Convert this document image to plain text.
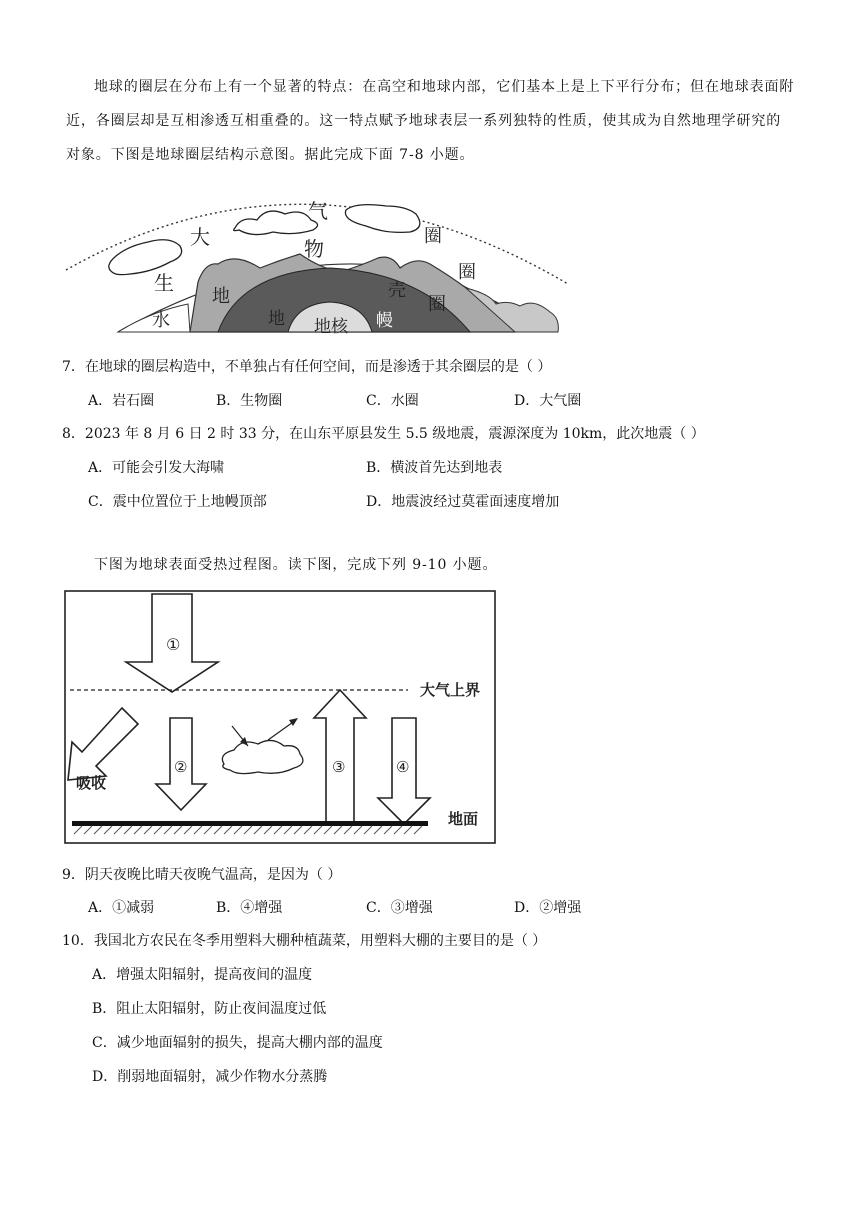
地球的圈层在分布上有一个显著的特点：在高空和地球内部，它们基本上是上下平行分布；但在地球表面附近，各圈层却是互相渗透互相重叠的。这一特点赋予地球表层一系列独特的性质，使其成为自然地理学研究的对象。下图是地球圈层结构示意图。据此完成下面 7-8 小题。

大
气
物
圈
圈
生
地	壳
圈
水	地 地核 幔
7．在地球的圈层构造中，不单独占有任何空间，而是渗透于其余圈层的是（ ）
A．岩石圈	B．生物圈	C．水圈	D．大气圈
8．2023 年 8 月 6 日 2 时 33 分，在山东平原县发生 5.5 级地震，震源深度为 10km，此次地震（ ）
A．可能会引发大海啸	B．横波首先达到地表
C．震中位置位于上地幔顶部	D．地震波经过莫霍面速度增加
下图为地球表面受热过程图。读下图，完成下列 9-10 小题。
①
大气上界
吸收
②	③	④
地面
9．阴天夜晚比晴天夜晚气温高，是因为（ ）
A．①减弱	B．④增强	C．③增强	D．②增强
10．我国北方农民在冬季用塑料大棚种植蔬菜，用塑料大棚的主要目的是（ ）
A．增强太阳辐射，提高夜间的温度
B．阻止太阳辐射，防止夜间温度过低
C．减少地面辐射的损失，提高大棚内部的温度
D．削弱地面辐射，减少作物水分蒸腾
